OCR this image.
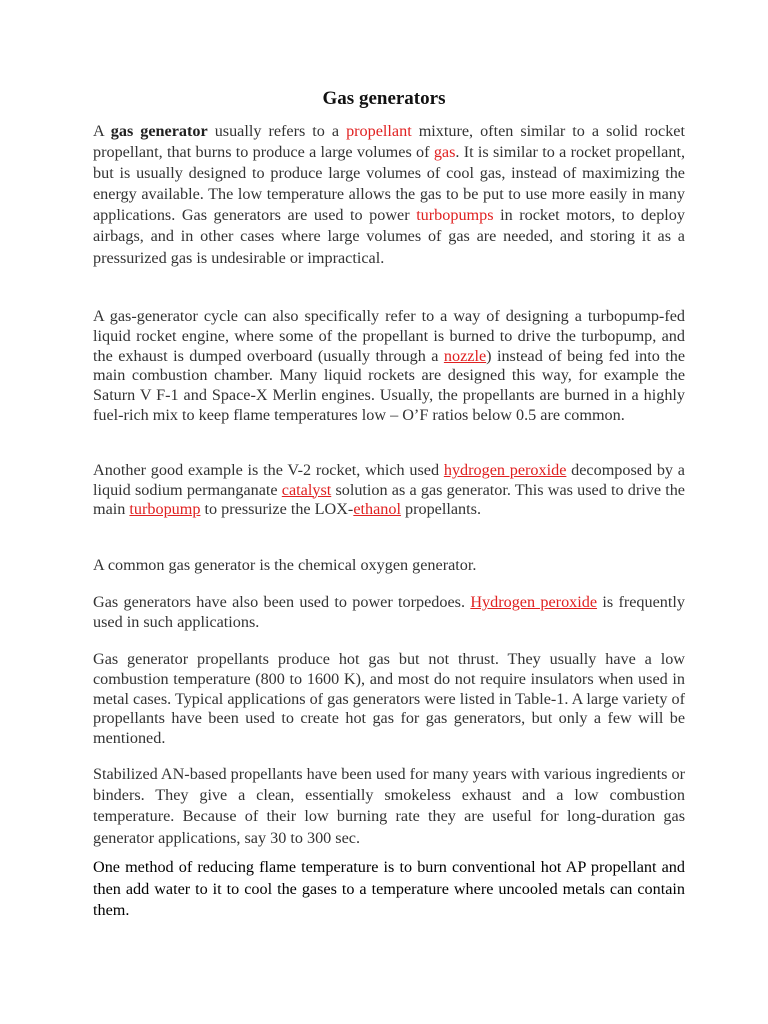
Gas generators

A gas generator usually refers to a propellant mixture, often similar to a solid rocket propellant, that burns to produce a large volumes of gas. It is similar to a rocket propellant, but is usually designed to produce large volumes of cool gas, instead of maximizing the energy available. The low temperature allows the gas to be put to use more easily in many applications. Gas generators are used to power turbopumps in rocket motors, to deploy airbags, and in other cases where large volumes of gas are needed, and storing it as a pressurized gas is undesirable or impractical.

A gas-generator cycle can also specifically refer to a way of designing a turbopump-fed liquid rocket engine, where some of the propellant is burned to drive the turbopump, and the exhaust is dumped overboard (usually through a nozzle) instead of being fed into the main combustion chamber. Many liquid rockets are designed this way, for example the Saturn V F-1 and Space-X Merlin engines. Usually, the propellants are burned in a highly fuel-rich mix to keep flame temperatures low – O’F ratios below 0.5 are common.

Another good example is the V-2 rocket, which used hydrogen peroxide decomposed by a liquid sodium permanganate catalyst solution as a gas generator. This was used to drive the main turbopump to pressurize the LOX-ethanol propellants.

A common gas generator is the chemical oxygen generator.

Gas generators have also been used to power torpedoes. Hydrogen peroxide is frequently used in such applications.

Gas generator propellants produce hot gas but not thrust. They usually have a low combustion temperature (800 to 1600 K), and most do not require insulators when used in metal cases. Typical applications of gas generators were listed in Table-1. A large variety of propellants have been used to create hot gas for gas generators, but only a few will be mentioned.

Stabilized AN-based propellants have been used for many years with various ingredients or binders. They give a clean, essentially smokeless exhaust and a low combustion temperature. Because of their low burning rate they are useful for long-duration gas generator applications, say 30 to 300 sec.

One method of reducing flame temperature is to burn conventional hot AP propellant and then add water to it to cool the gases to a temperature where uncooled metals can contain them.
